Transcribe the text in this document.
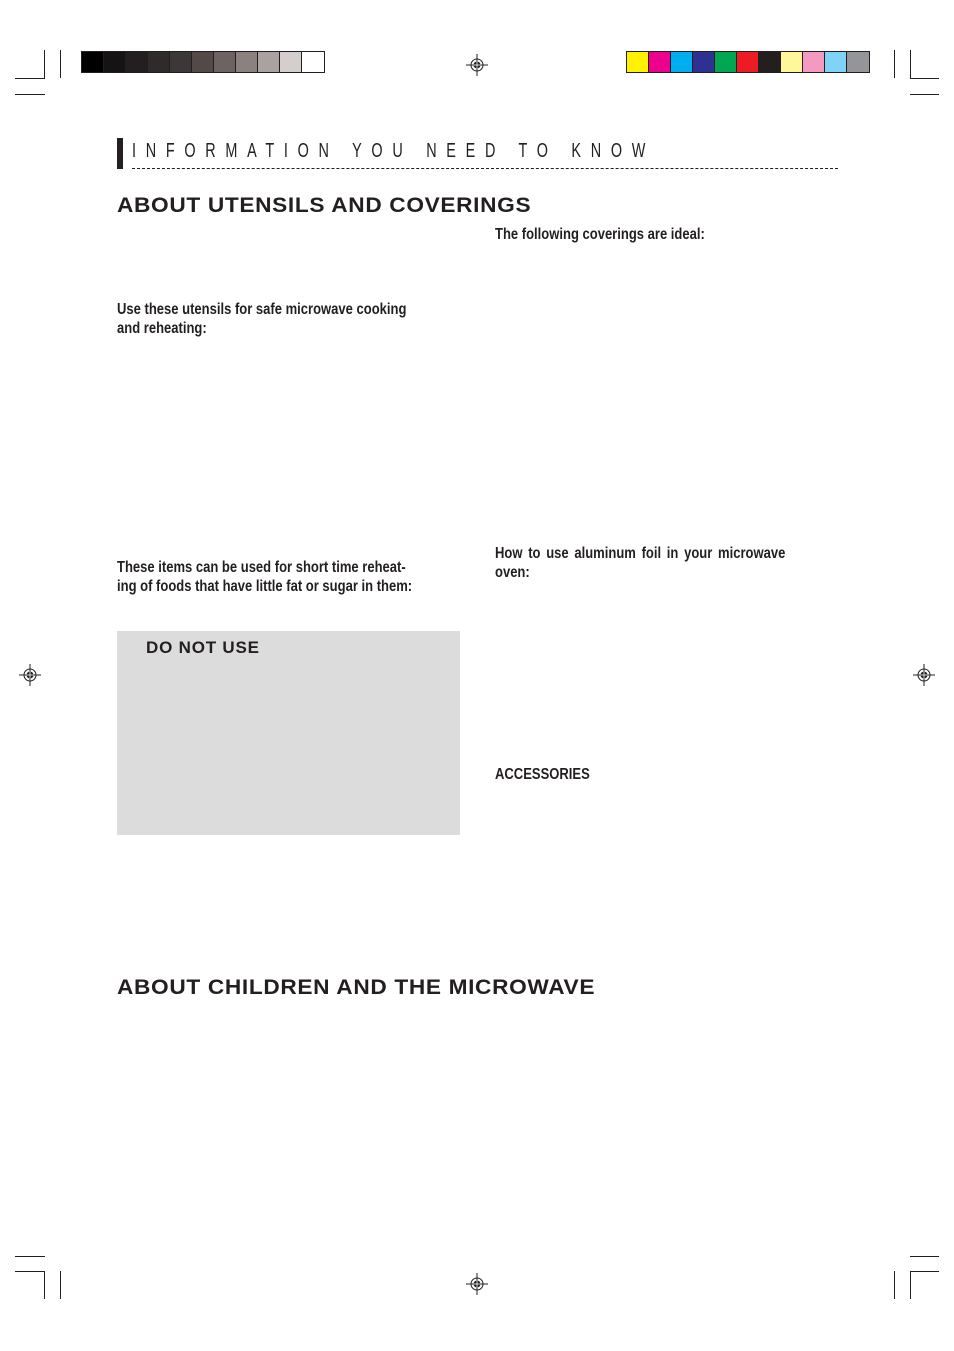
INFORMATION YOU NEED TO KNOW
ABOUT UTENSILS AND COVERINGS
Use these utensils for safe microwave cooking
and reheating:
These items can be used for short time reheat-
ing of foods that have little fat or sugar in them:
DO NOT USE
The following coverings are ideal:
How to use aluminum foil in your microwave
oven:
ACCESSORIES
ABOUT CHILDREN AND THE MICROWAVE
